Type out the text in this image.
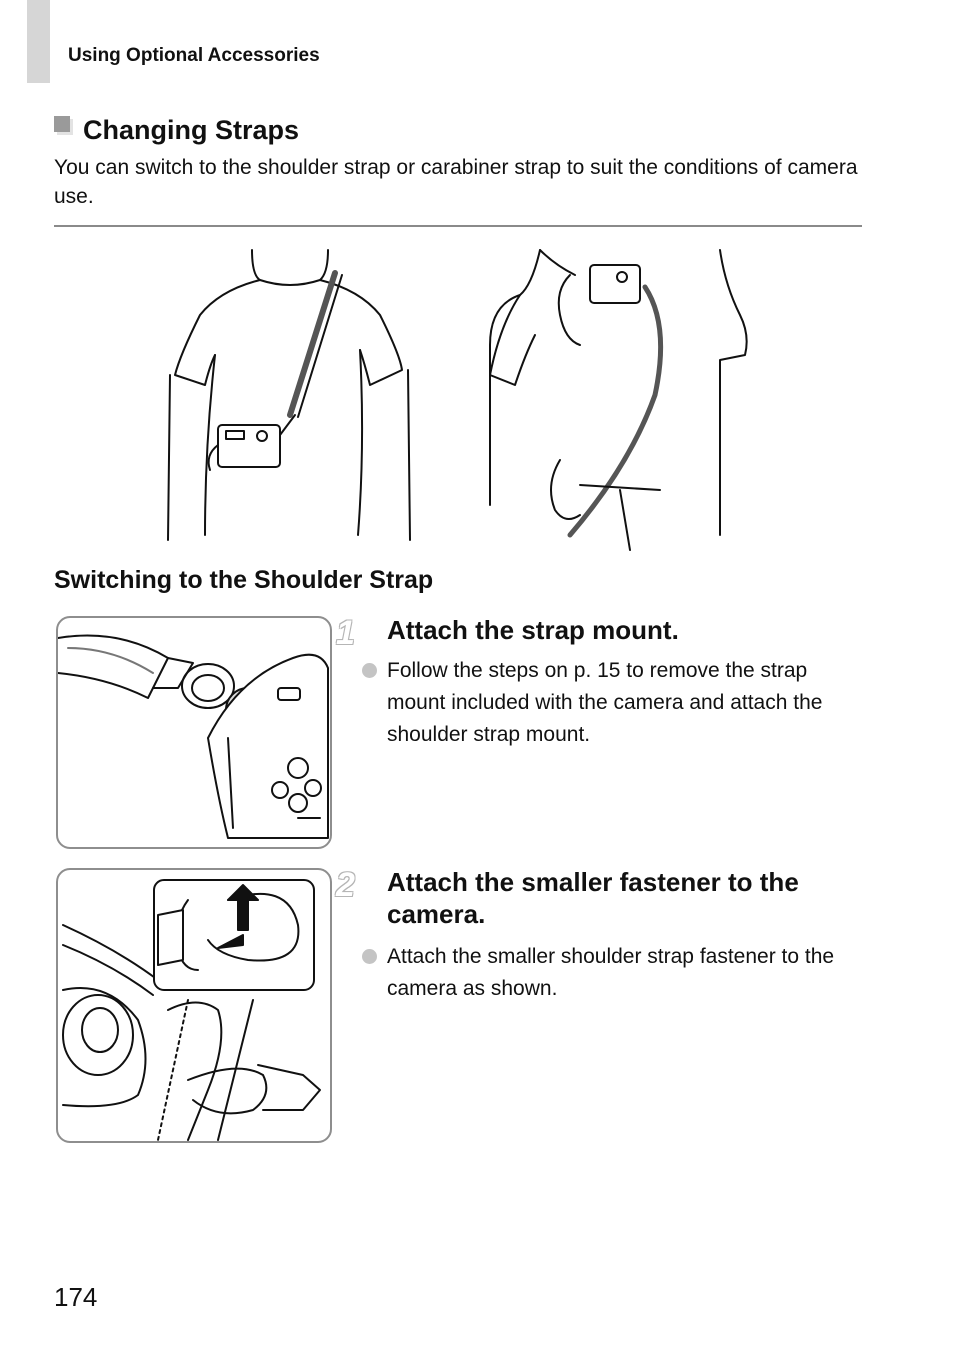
Using Optional Accessories
Changing Straps
You can switch to the shoulder strap or carabiner strap to suit the conditions of camera use.
Switching to the Shoulder Strap
1 Attach the strap mount.
Follow the steps on p. 15 to remove the strap mount included with the camera and attach the shoulder strap mount.
2 Attach the smaller fastener to the camera.
Attach the smaller shoulder strap fastener to the camera as shown.
174
